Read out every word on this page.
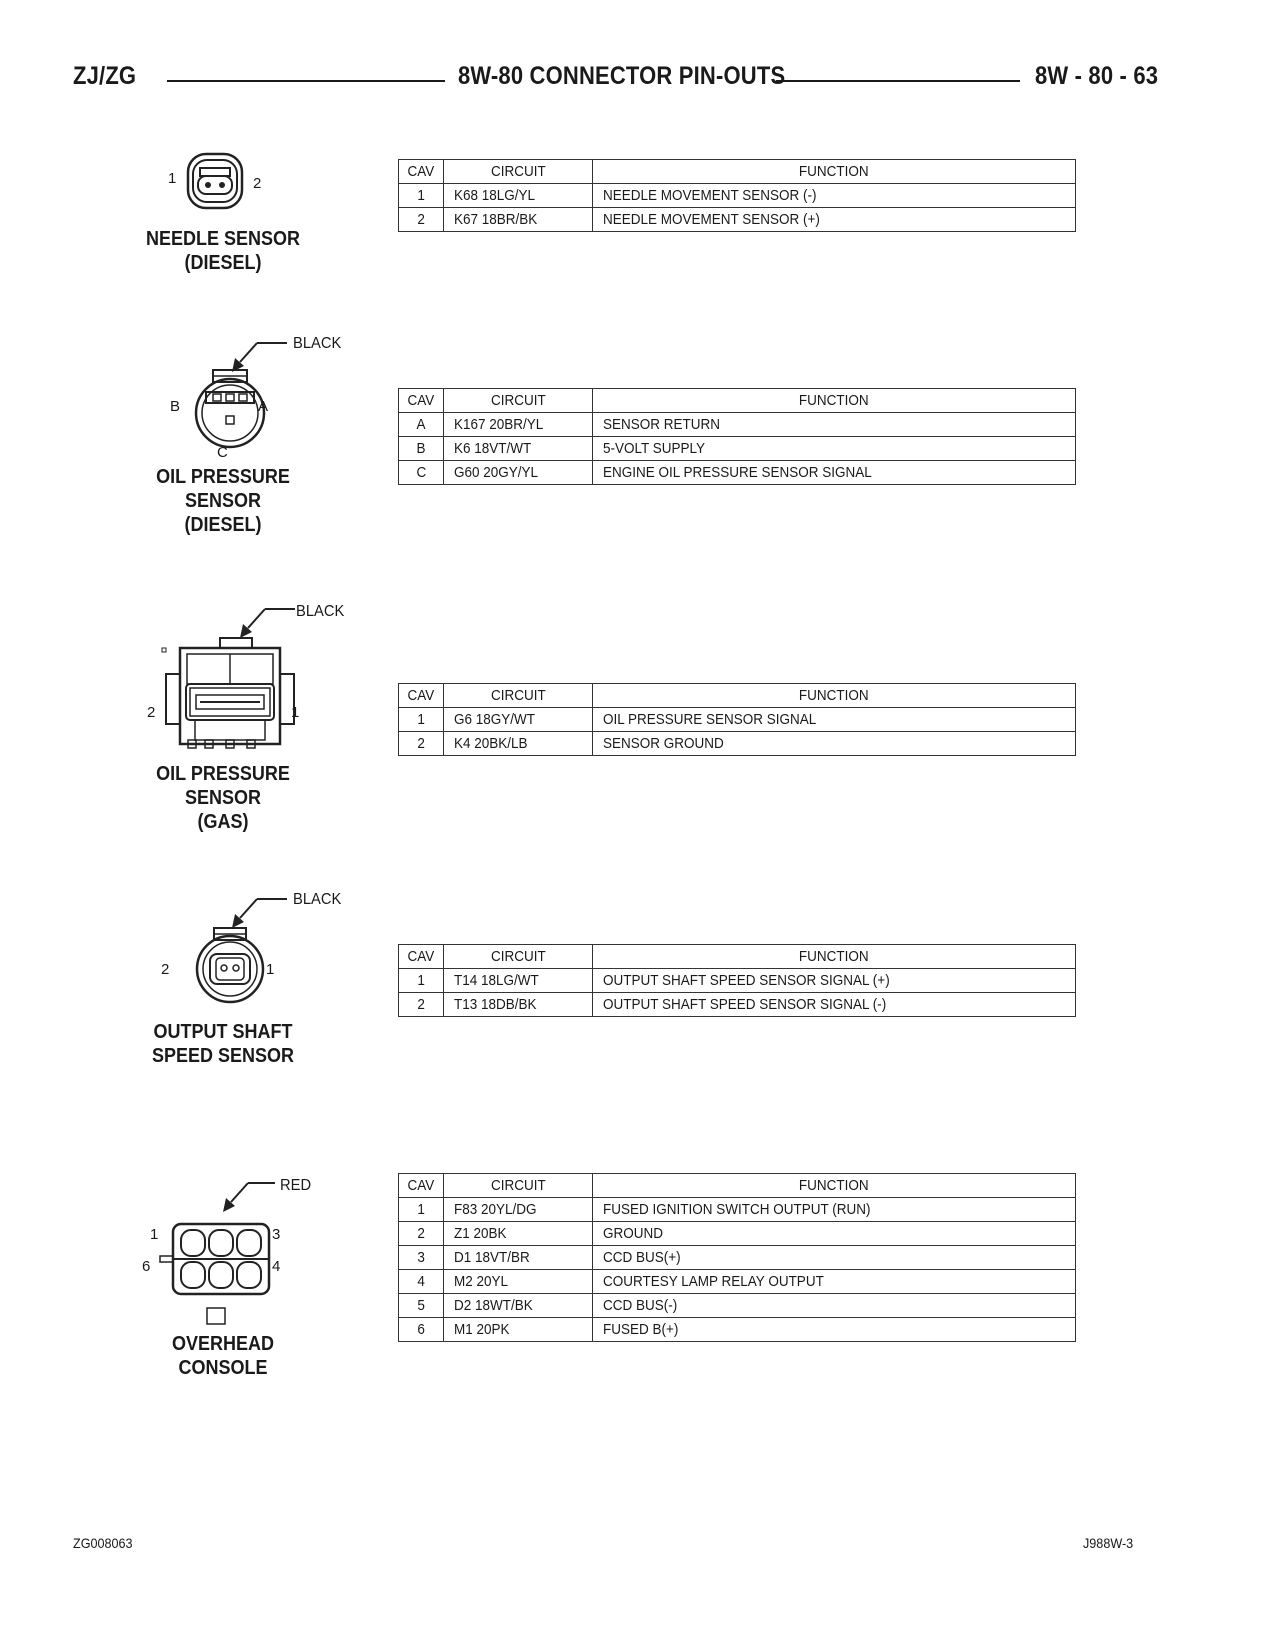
ZJ/ZG	8W-80 CONNECTOR PIN-OUTS	8W - 80 - 63
1	2
NEEDLE SENSOR
(DIESEL)
CAV	CIRCUIT	FUNCTION
1	K68 18LG/YL	NEEDLE MOVEMENT SENSOR (-)
2	K67 18BR/BK	NEEDLE MOVEMENT SENSOR (+)
BLACK
B	A
C
OIL PRESSURE
SENSOR
(DIESEL)
CAV	CIRCUIT	FUNCTION
A	K167 20BR/YL	SENSOR RETURN
B	K6 18VT/WT	5-VOLT SUPPLY
C	G60 20GY/YL	ENGINE OIL PRESSURE SENSOR SIGNAL
BLACK
2	1
OIL PRESSURE
SENSOR
(GAS)
CAV	CIRCUIT	FUNCTION
1	G6 18GY/WT	OIL PRESSURE SENSOR SIGNAL
2	K4 20BK/LB	SENSOR GROUND
BLACK
2	1
OUTPUT SHAFT
SPEED SENSOR
CAV	CIRCUIT	FUNCTION
1	T14 18LG/WT	OUTPUT SHAFT SPEED SENSOR SIGNAL (+)
2	T13 18DB/BK	OUTPUT SHAFT SPEED SENSOR SIGNAL (-)
RED
1	3
6	4
OVERHEAD
CONSOLE
CAV	CIRCUIT	FUNCTION
1	F83 20YL/DG	FUSED IGNITION SWITCH OUTPUT (RUN)
2	Z1 20BK	GROUND
3	D1 18VT/BR	CCD BUS(+)
4	M2 20YL	COURTESY LAMP RELAY OUTPUT
5	D2 18WT/BK	CCD BUS(-)
6	M1 20PK	FUSED B(+)
ZG008063	J988W-3
